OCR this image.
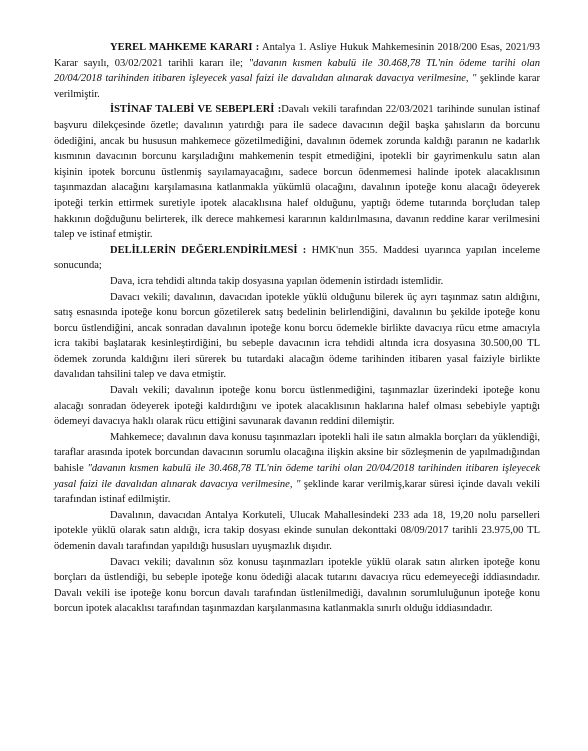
YEREL MAHKEME KARARI : Antalya 1. Asliye Hukuk Mahkemesinin 2018/200 Esas, 2021/93 Karar sayılı, 03/02/2021 tarihli kararı ile; "davanın kısmen kabulü ile 30.468,78 TL'nin ödeme tarihi olan 20/04/2018 tarihinden itibaren işleyecek yasal faizi ile davalıdan alınarak davacıya verilmesine, " şeklinde karar verilmiştir.

İSTİNAF TALEBİ VE SEBEPLERİ :Davalı vekili tarafından 22/03/2021 tarihinde sunulan istinaf başvuru dilekçesinde özetle; davalının yatırdığı para ile sadece davacının değil başka şahısların da borcunu ödediğini, ancak bu hususun mahkemece gözetilmediğini, davalının ödemek zorunda kaldığı paranın ne kadarlık kısmının davacının borcunu karşıladığını mahkemenin tespit etmediğini, ipotekli bir gayrimenkulu satın alan kişinin ipotek borcunu üstlenmiş sayılamayacağını, sadece borcun ödenmemesi halinde ipotek alacaklısının taşınmazdan alacağını karşılamasına katlanmakla yükümlü olacağını, davalının ipoteğe konu alacağı ödeyerek ipoteği terkin ettirmek suretiyle ipotek alacaklısına halef olduğunu, yaptığı ödeme tutarında borçludan talep hakkının doğduğunu belirterek, ilk derece mahkemesi kararının kaldırılmasına, davanın reddine karar verilmesini talep ve istinaf etmiştir.

DELİLLERİN DEĞERLENDİRİLMESİ : HMK'nun 355. Maddesi uyarınca yapılan inceleme sonucunda;

Dava, icra tehdidi altında takip dosyasına yapılan ödemenin istirdadı istemlidir.

Davacı vekili; davalının, davacıdan ipotekle yüklü olduğunu bilerek üç ayrı taşınmaz satın aldığını, satış esnasında ipoteğe konu borcun gözetilerek satış bedelinin belirlendiğini, davalının bu şekilde ipoteğe konu borcu üstlendiğini, ancak sonradan davalının ipoteğe konu borcu ödemekle birlikte davacıya rücu etme amacıyla icra takibi başlatarak kesinleştirdiğini, bu sebeple davacının icra tehdidi altında icra dosyasına 30.500,00 TL ödemek zorunda kaldığını ileri sürerek bu tutardaki alacağın ödeme tarihinden itibaren yasal faiziyle birlikte davalıdan tahsilini talep ve dava etmiştir.

Davalı vekili; davalının ipoteğe konu borcu üstlenmediğini, taşınmazlar üzerindeki ipoteğe konu alacağı sonradan ödeyerek ipoteği kaldırdığını ve ipotek alacaklısının haklarına halef olması sebebiyle yaptığı ödemeyi davacıya haklı olarak rücu ettiğini savunarak davanın reddini dilemiştir.

Mahkemece; davalının dava konusu taşınmazları ipotekli hali ile satın almakla borçları da yüklendiği, taraflar arasında ipotek borcundan davacının sorumlu olacağına ilişkin aksine bir sözleşmenin de yapılmadığından bahisle "davanın kısmen kabulü ile 30.468,78 TL'nin ödeme tarihi olan 20/04/2018 tarihinden itibaren işleyecek yasal faizi ile davalıdan alınarak davacıya verilmesine, " şeklinde karar verilmiş,karar süresi içinde davalı vekili tarafından istinaf edilmiştir.

Davalının, davacıdan Antalya Korkuteli, Ulucak Mahallesindeki 233 ada 18, 19,20 nolu parselleri ipotekle yüklü olarak satın aldığı, icra takip dosyası ekinde sunulan dekonttaki 08/09/2017 tarihli 23.975,00 TL ödemenin davalı tarafından yapıldığı hususları uyuşmazlık dışıdır.

Davacı vekili; davalının söz konusu taşınmazları ipotekle yüklü olarak satın alırken ipoteğe konu borçları da üstlendiği, bu sebeple ipoteğe konu ödediği alacak tutarını davacıya rücu edemeyeceği iddiasındadır. Davalı vekili ise ipoteğe konu borcun davalı tarafından üstlenilmediği, davalının sorumluluğunun ipoteğe konu borcun ipotek alacaklısı tarafından taşınmazdan karşılanmasına katlanmakla sınırlı olduğu iddiasındadır.
